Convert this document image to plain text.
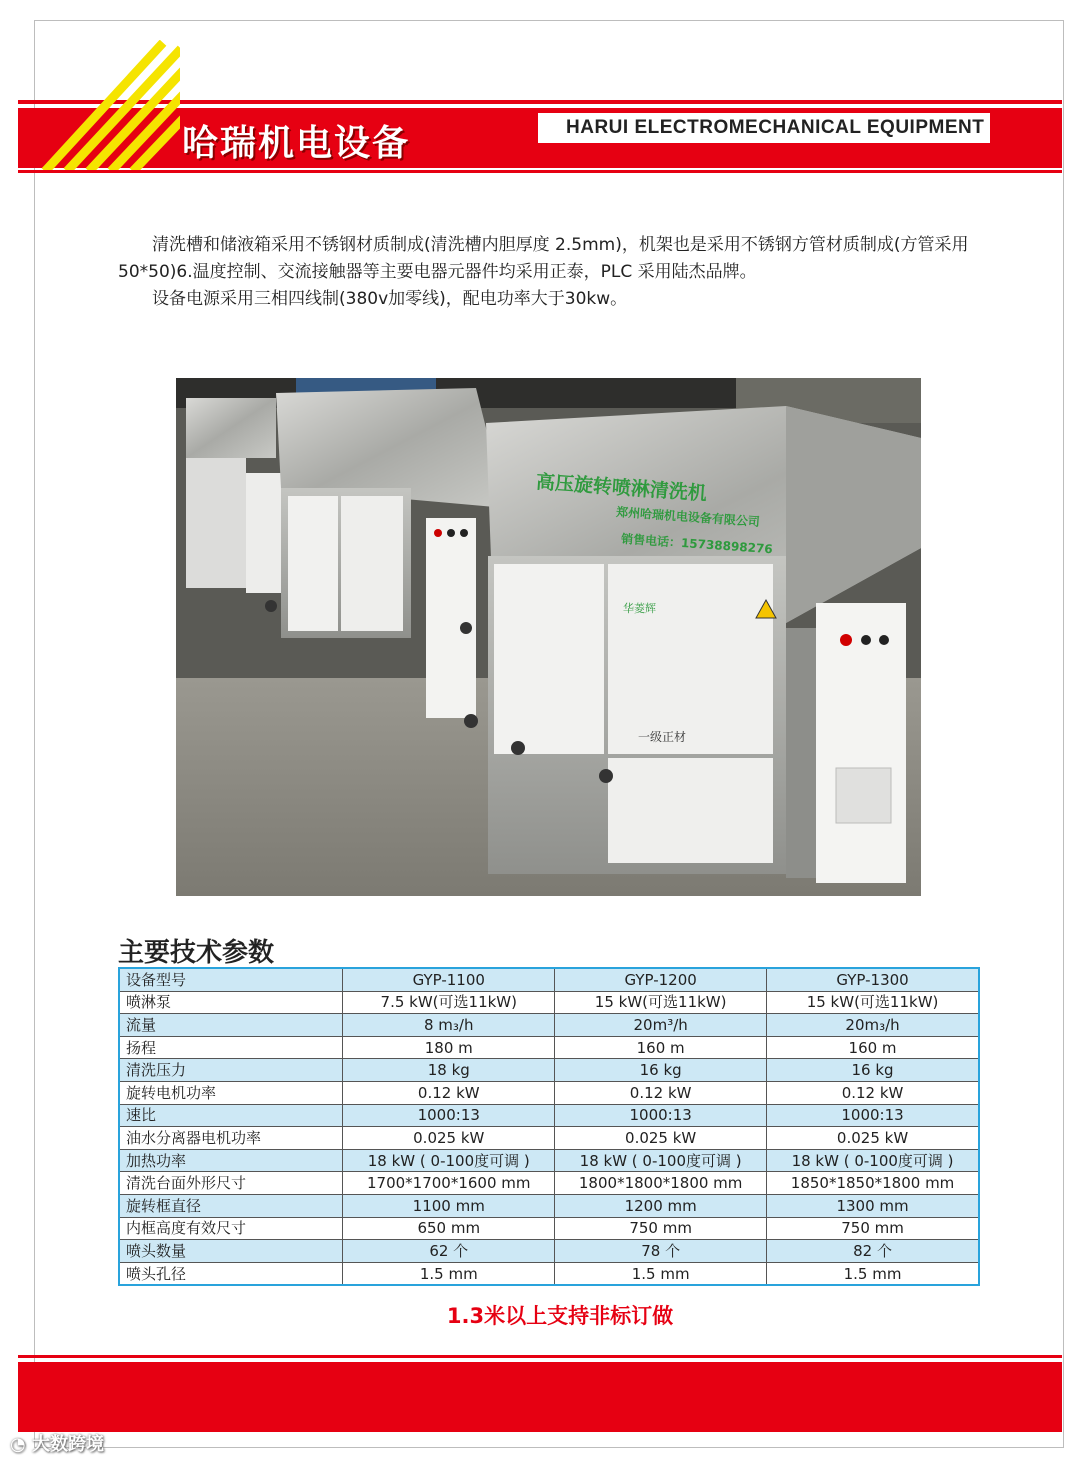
哈瑞机电设备	HARUI ELECTROMECHANICAL EQUIPMENT

清洗槽和储液箱采用不锈钢材质制成(清洗槽内胆厚度 2.5mm)，机架也是采用不锈钢方管材质制成(方管采用50*50)6.温度控制、交流接触器等主要电器元器件均采用正泰，PLC 采用陆杰品牌。

设备电源采用三相四线制(380v加零线)，配电功率大于30kw。

高压旋转喷淋清洗机
郑州哈瑞机电设备有限公司
销售电话：15738898276
华菱辉
一级正材
主要技术参数
设备型号	GYP-1100	GYP-1200	GYP-1300
喷淋泵	7.5 kW(可选11kW)	15 kW(可选11kW)	15 kW(可选11kW)
流量	8 m₃/h	20m³/h	20m₃/h
扬程	180 m	160 m	160 m
清洗压力	18 kg	16 kg	16 kg
旋转电机功率	0.12 kW	0.12 kW	0.12 kW
速比	1000:13	1000:13	1000:13
油水分离器电机功率	0.025 kW	0.025 kW	0.025 kW
加热功率	18 kW ( 0-100度可调 )	18 kW ( 0-100度可调 )	18 kW ( 0-100度可调 )
清洗台面外形尺寸	1700*1700*1600 mm	1800*1800*1800 mm	1850*1850*1800 mm
旋转框直径	1100 mm	1200 mm	1300 mm
内框高度有效尺寸	650 mm	750 mm	750 mm
喷头数量	62 个	78 个	82 个
喷头孔径	1.5 mm	1.5 mm	1.5 mm
1.3米以上支持非标订做
◔ 大数跨境
